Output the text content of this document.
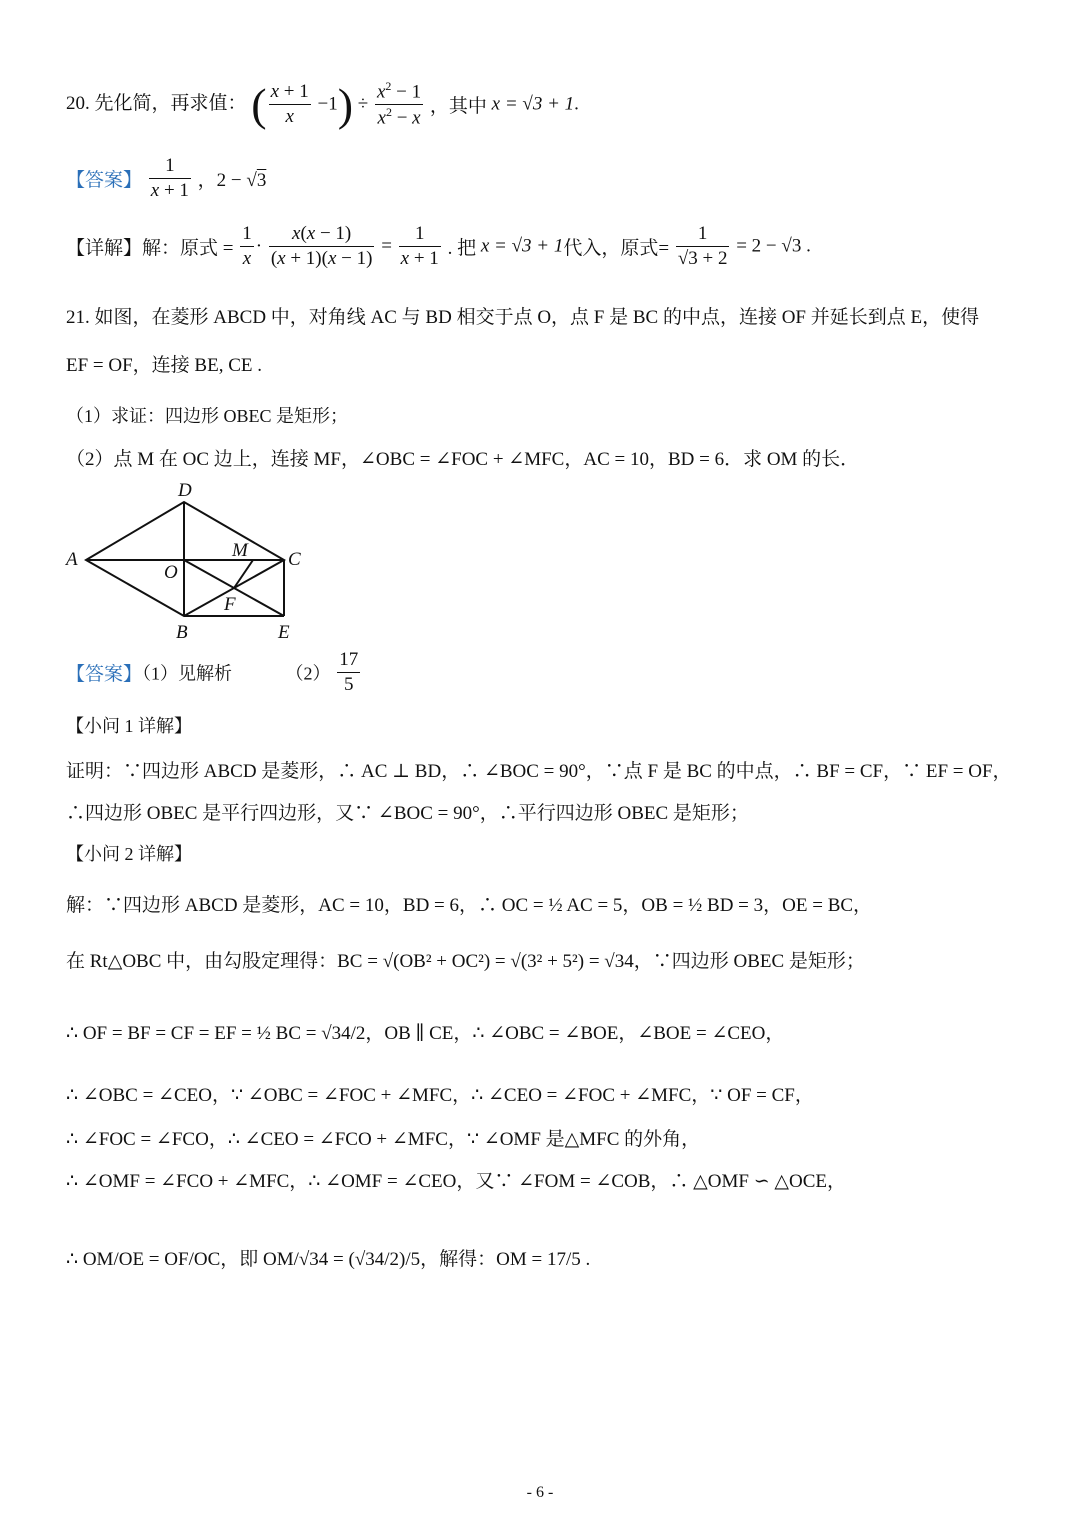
20. 先化简，再求值： ( $\frac{x + 1}{x} -1) \div \frac{x^2 - 1}{x^2 - x}$ ，其中 x = √3 + 1.
【答案】 $\frac{1}{x + 1}$ ，2 − √3
【详解】解：原式 = $\frac{1}{x} \cdot \frac{x(x - 1)}{(x + 1)(x - 1)} = \frac{1}{x + 1}$ . 把 x = √3 + 1代入，原式= $\frac{1}{√3 + 2} = 2 - √3$ .
21. 如图，在菱形 ABCD 中，对角线 AC 与 BD 相交于点 O，点 F 是 BC 的中点，连接 OF 并延长到点 E，使得
EF = OF，连接 BE, CE .
（1）求证：四边形 OBEC 是矩形；
（2）点 M 在 OC 边上，连接 MF，∠OBC = ∠FOC + ∠MFC，AC = 10，BD = 6．求 OM 的长．
D
A	C
M
O
F
B	E
【答案】（1）见解析	$(2) \frac{17}{5}$
【小问 1 详解】
证明：∵四边形 ABCD 是菱形，∴ AC ⊥ BD，∴ ∠BOC = 90°，∵点 F 是 BC 的中点，∴ BF = CF，∵ EF = OF，
∴四边形 OBEC 是平行四边形，又∵ ∠BOC = 90°，∴平行四边形 OBEC 是矩形；
【小问 2 详解】
解：∵四边形 ABCD 是菱形，AC = 10，BD = 6，∴ OC = ½ AC = 5，OB = ½ BD = 3，OE = BC，
在 Rt△OBC 中，由勾股定理得：BC = √(OB² + OC²) = √(3² + 5²) = √34，∵四边形 OBEC 是矩形；
∴ OF = BF = CF = EF = ½ BC = √34/2，OB ∥ CE，∴ ∠OBC = ∠BOE，∠BOE = ∠CEO，
∴ ∠OBC = ∠CEO，∵ ∠OBC = ∠FOC + ∠MFC，∴ ∠CEO = ∠FOC + ∠MFC，∵ OF = CF，
∴ ∠FOC = ∠FCO，∴ ∠CEO = ∠FCO + ∠MFC，∵ ∠OMF 是△MFC 的外角，
∴ ∠OMF = ∠FCO + ∠MFC，∴ ∠OMF = ∠CEO，又∵ ∠FOM = ∠COB，∴ △OMF ∽ △OCE，
∴ OM/OE = OF/OC，即 OM/√34 = (√34/2)/5，解得：OM = 17/5 .
- 6 -
